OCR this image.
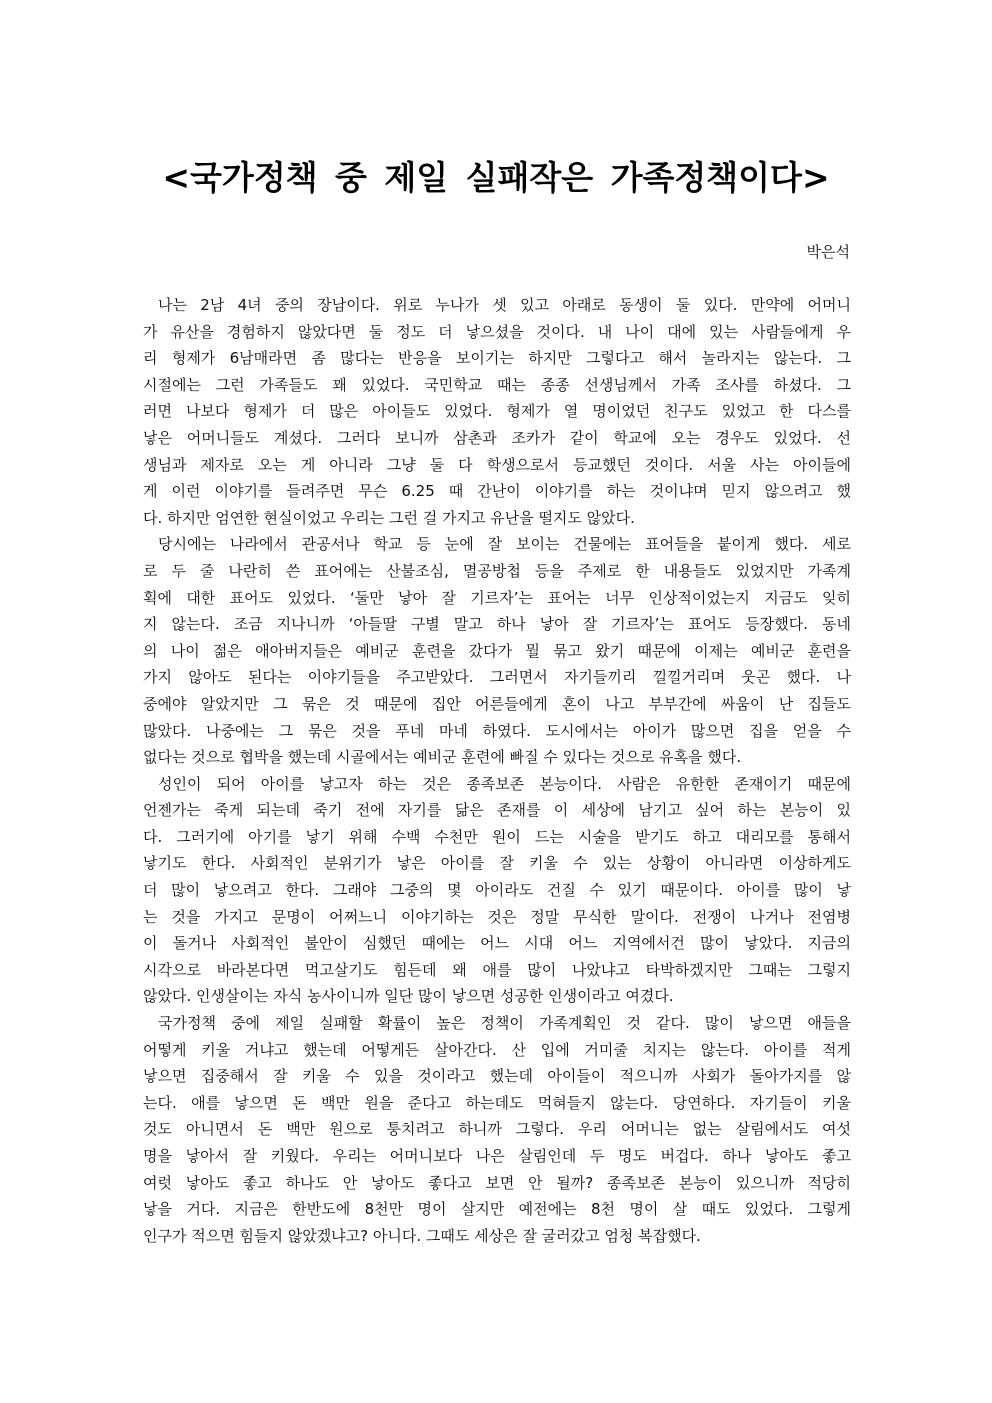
<국가정책 중 제일 실패작은 가족정책이다>
박은석
나는 2남 4녀 중의 장남이다. 위로 누나가 셋 있고 아래로 동생이 둘 있다. 만약에 어머니
가 유산을 경험하지 않았다면 둘 정도 더 낳으셨을 것이다. 내 나이 대에 있는 사람들에게 우
리 형제가 6남매라면 좀 많다는 반응을 보이기는 하지만 그렇다고 해서 놀라지는 않는다. 그
시절에는 그런 가족들도 꽤 있었다. 국민학교 때는 종종 선생님께서 가족 조사를 하셨다. 그
러면 나보다 형제가 더 많은 아이들도 있었다. 형제가 열 명이었던 친구도 있었고 한 다스를
낳은 어머니들도 계셨다. 그러다 보니까 삼촌과 조카가 같이 학교에 오는 경우도 있었다. 선
생님과 제자로 오는 게 아니라 그냥 둘 다 학생으로서 등교했던 것이다. 서울 사는 아이들에
게 이런 이야기를 들려주면 무슨 6.25 때 간난이 이야기를 하는 것이냐며 믿지 않으려고 했
다. 하지만 엄연한 현실이었고 우리는 그런 걸 가지고 유난을 떨지도 않았다.
당시에는 나라에서 관공서나 학교 등 눈에 잘 보이는 건물에는 표어들을 붙이게 했다. 세로
로 두 줄 나란히 쓴 표어에는 산불조심, 멸공방첩 등을 주제로 한 내용들도 있었지만 가족계
획에 대한 표어도 있었다. ‘둘만 낳아 잘 기르자’는 표어는 너무 인상적이었는지 지금도 잊히
지 않는다. 조금 지나니까 ‘아들딸 구별 말고 하나 낳아 잘 기르자’는 표어도 등장했다. 동네
의 나이 젊은 애아버지들은 예비군 훈련을 갔다가 뭘 묶고 왔기 때문에 이제는 예비군 훈련을
가지 않아도 된다는 이야기들을 주고받았다. 그러면서 자기들끼리 낄낄거리며 웃곤 했다. 나
중에야 알았지만 그 묶은 것 때문에 집안 어른들에게 혼이 나고 부부간에 싸움이 난 집들도
많았다. 나중에는 그 묶은 것을 푸네 마네 하였다. 도시에서는 아이가 많으면 집을 얻을 수
없다는 것으로 협박을 했는데 시골에서는 예비군 훈련에 빠질 수 있다는 것으로 유혹을 했다.
성인이 되어 아이를 낳고자 하는 것은 종족보존 본능이다. 사람은 유한한 존재이기 때문에
언젠가는 죽게 되는데 죽기 전에 자기를 닮은 존재를 이 세상에 남기고 싶어 하는 본능이 있
다. 그러기에 아기를 낳기 위해 수백 수천만 원이 드는 시술을 받기도 하고 대리모를 통해서
낳기도 한다. 사회적인 분위기가 낳은 아이를 잘 키울 수 있는 상황이 아니라면 이상하게도
더 많이 낳으려고 한다. 그래야 그중의 몇 아이라도 건질 수 있기 때문이다. 아이를 많이 낳
는 것을 가지고 문명이 어쩌느니 이야기하는 것은 정말 무식한 말이다. 전쟁이 나거나 전염병
이 돌거나 사회적인 불안이 심했던 때에는 어느 시대 어느 지역에서건 많이 낳았다. 지금의
시각으로 바라본다면 먹고살기도 힘든데 왜 애를 많이 나았냐고 타박하겠지만 그때는 그렇지
않았다. 인생살이는 자식 농사이니까 일단 많이 낳으면 성공한 인생이라고 여겼다.
국가정책 중에 제일 실패할 확률이 높은 정책이 가족계획인 것 같다. 많이 낳으면 애들을
어떻게 키울 거냐고 했는데 어떻게든 살아간다. 산 입에 거미줄 치지는 않는다. 아이를 적게
낳으면 집중해서 잘 키울 수 있을 것이라고 했는데 아이들이 적으니까 사회가 돌아가지를 않
는다. 애를 낳으면 돈 백만 원을 준다고 하는데도 먹혀들지 않는다. 당연하다. 자기들이 키울
것도 아니면서 돈 백만 원으로 퉁치려고 하니까 그렇다. 우리 어머니는 없는 살림에서도 여섯
명을 낳아서 잘 키웠다. 우리는 어머니보다 나은 살림인데 두 명도 버겁다. 하나 낳아도 좋고
여럿 낳아도 좋고 하나도 안 낳아도 좋다고 보면 안 될까? 종족보존 본능이 있으니까 적당히
낳을 거다. 지금은 한반도에 8천만 명이 살지만 예전에는 8천 명이 살 때도 있었다. 그렇게
인구가 적으면 힘들지 않았겠냐고? 아니다. 그때도 세상은 잘 굴러갔고 엄청 복잡했다.
